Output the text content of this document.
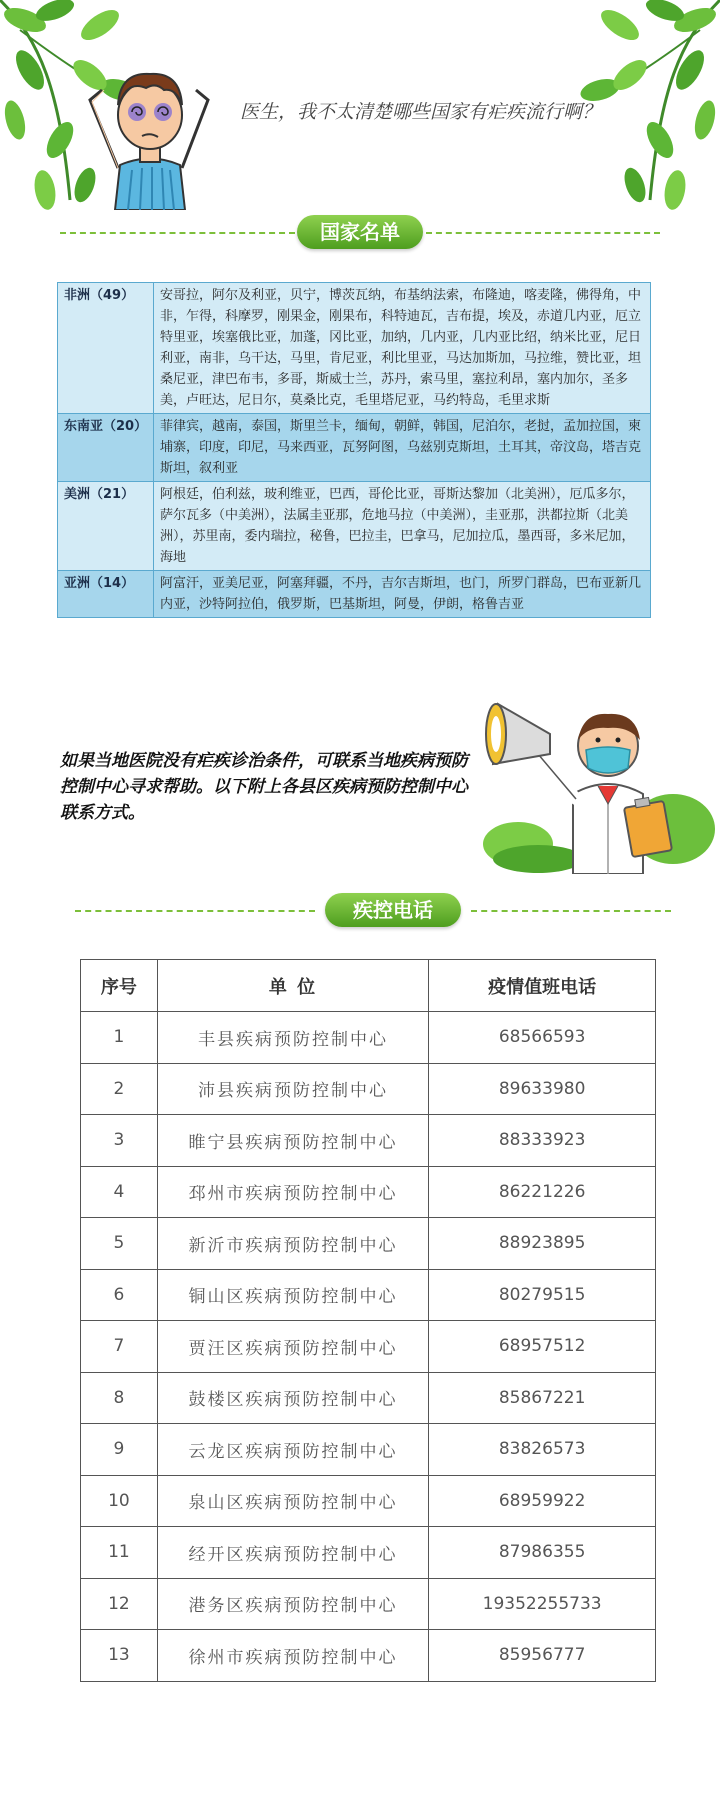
医生，我不太清楚哪些国家有疟疾流行啊？
国家名单
非洲（49）	安哥拉，阿尔及利亚，贝宁，博茨瓦纳，布基纳法索，布隆迪，喀麦隆，佛得角，中非，乍得，科摩罗，刚果金，刚果布，科特迪瓦，吉布提，埃及，赤道几内亚，厄立特里亚，埃塞俄比亚，加蓬，冈比亚，加纳，几内亚，几内亚比绍，纳米比亚，尼日利亚，南非，乌干达，马里，肯尼亚，利比里亚，马达加斯加，马拉维，赞比亚，坦桑尼亚，津巴布韦，多哥，斯威士兰，苏丹，索马里，塞拉利昂，塞内加尔，圣多美，卢旺达，尼日尔，莫桑比克，毛里塔尼亚，马约特岛，毛里求斯
东南亚（20）	菲律宾，越南，泰国，斯里兰卡，缅甸，朝鲜，韩国，尼泊尔，老挝，孟加拉国，柬埔寨，印度，印尼，马来西亚，瓦努阿图，乌兹别克斯坦，土耳其，帝汶岛，塔吉克斯坦，叙利亚
美洲（21）	阿根廷，伯利兹，玻利维亚，巴西，哥伦比亚，哥斯达黎加（北美洲），厄瓜多尔，萨尔瓦多（中美洲），法属圭亚那，危地马拉（中美洲），圭亚那，洪都拉斯（北美洲），苏里南，委内瑞拉，秘鲁，巴拉圭，巴拿马，尼加拉瓜，墨西哥，多米尼加，海地
亚洲（14）	阿富汗，亚美尼亚，阿塞拜疆，不丹，吉尔吉斯坦，也门，所罗门群岛，巴布亚新几内亚，沙特阿拉伯，俄罗斯，巴基斯坦，阿曼，伊朗，格鲁吉亚
如果当地医院没有疟疾诊治条件，可联系当地疾病预防控制中心寻求帮助。以下附上各县区疾病预防控制中心联系方式。
疾控电话
序号	单 位	疫情值班电话
1	丰县疾病预防控制中心	68566593
2	沛县疾病预防控制中心	89633980
3	睢宁县疾病预防控制中心	88333923
4	邳州市疾病预防控制中心	86221226
5	新沂市疾病预防控制中心	88923895
6	铜山区疾病预防控制中心	80279515
7	贾汪区疾病预防控制中心	68957512
8	鼓楼区疾病预防控制中心	85867221
9	云龙区疾病预防控制中心	83826573
10	泉山区疾病预防控制中心	68959922
11	经开区疾病预防控制中心	87986355
12	港务区疾病预防控制中心	19352255733
13	徐州市疾病预防控制中心	85956777
